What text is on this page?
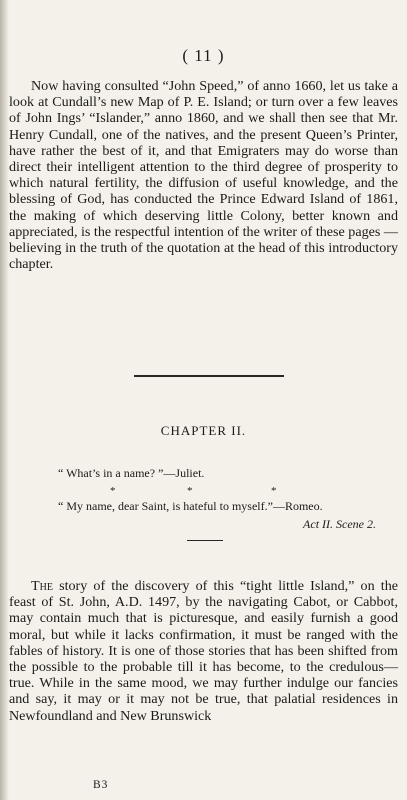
( 11 )

Now having consulted “John Speed,” of anno 1660, let us take a look at Cundall’s new Map of P. E. Island; or turn over a few leaves of John Ings’ “Islander,” anno 1860, and we shall then see that Mr. Henry Cundall, one of the natives, and the present Queen’s Printer, have rather the best of it, and that Emigraters may do worse than direct their intelligent attention to the third degree of prosperity to which natural fertility, the diffusion of useful knowledge, and the blessing of God, has conducted the Prince Edward Island of 1861, the making of which deserving little Colony, better known and appreciated, is the respectful intention of the writer of these pages —believing in the truth of the quotation at the head of this introductory chapter.

CHAPTER II.
“ What’s in a name? ”—Juliet.
*	*	*
“ My name, dear Saint, is hateful to myself.”—Romeo.
Act II. Scene 2.

The story of the discovery of this “tight little Island,” on the feast of St. John, A.D. 1497, by the navigating Cabot, or Cabbot, may contain much that is picturesque, and easily furnish a good moral, but while it lacks confirmation, it must be ranged with the fables of history. It is one of those stories that has been shifted from the possible to the probable till it has become, to the credulous—true. While in the same mood, we may further indulge our fancies and say, it may or it may not be true, that palatial residences in Newfoundland and New Brunswick

B3
